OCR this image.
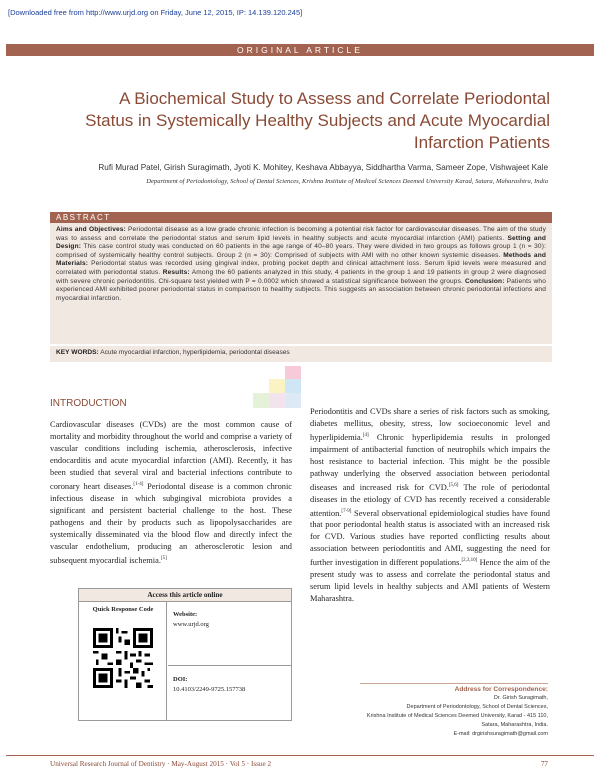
[Downloaded free from http://www.urjd.org on Friday, June 12, 2015, IP: 14.139.120.245]
ORIGINAL ARTICLE
A Biochemical Study to Assess and Correlate Periodontal
Status in Systemically Healthy Subjects and Acute Myocardial
Infarction Patients
Rufi Murad Patel, Girish Suragimath, Jyoti K. Mohitey, Keshava Abbayya, Siddhartha Varma, Sameer Zope, Vishwajeet Kale
Department of Periodontology, School of Dental Sciences, Krishna Institute of Medical Sciences Deemed University Karad, Satara, Maharashtra, India
ABSTRACT
Aims and Objectives: Periodontal disease as a low grade chronic infection is becoming a potential risk factor for cardiovascular diseases. The aim of the study was to assess and correlate the periodontal status and serum lipid levels in healthy subjects and acute myocardial infarction (AMI) patients. Setting and Design: This case control study was conducted on 60 patients in the age range of 40–80 years. They were divided in two groups as follows group 1 (n = 30): comprised of systemically healthy control subjects. Group 2 (n = 30): Comprised of subjects with AMI with no other known systemic diseases. Methods and Materials: Periodontal status was recorded using gingival index, probing pocket depth and clinical attachment loss. Serum lipid levels were measured and correlated with periodontal status. Results: Among the 60 patients analyzed in this study, 4 patients in the group 1 and 19 patients in group 2 were diagnosed with severe chronic periodontitis. Chi-square test yielded with P = 0.0002 which showed a statistical significance between the groups. Conclusion: Patients who experienced AMI exhibited poorer periodontal status in comparison to healthy subjects. This suggests an association between chronic periodontal infections and myocardial infarction.
KEY WORDS: Acute myocardial infarction, hyperlipidemia, periodontal diseases
INTRODUCTION
Cardiovascular diseases (CVDs) are the most common cause of mortality and morbidity throughout the world and comprise a variety of vascular conditions including ischemia, atherosclerosis, infective endocarditis and acute myocardial infarction (AMI). Recently, it has been studied that several viral and bacterial infections contribute to coronary heart diseases.[1-4] Periodontal disease is a common chronic infectious disease in which subgingival microbiota provides a significant and persistent bacterial challenge to the host. These pathogens and their by products such as lipopolysaccharides are systemically disseminated via the blood flow and directly infect the vascular endothelium, producing an atherosclerotic lesion and subsequent myocardial ischemia.[5]
Periodontitis and CVDs share a series of risk factors such as smoking, diabetes mellitus, obesity, stress, low socioeconomic level and hyperlipidemia.[4] Chronic hyperlipidemia results in prolonged impairment of antibacterial function of neutrophils which impairs the host resistance to bacterial infection. This might be the possible pathway underlying the observed association between periodontal diseases and increased risk for CVD.[5,6] The role of periodontal diseases in the etiology of CVD has recently received a considerable attention.[7-9] Several observational epidemiological studies have found that poor periodontal health status is associated with an increased risk for CVD. Various studies have reported conflicting results about association between periodontitis and AMI, suggesting the need for further investigation in different populations.[2,3,10] Hence the aim of the present study was to assess and correlate the periodontal status and serum lipid levels in healthy subjects and AMI patients of Western Maharashtra.
Access this article online
Quick Response Code
Website:
www.urjd.org
DOI:
10.4103/2249-9725.157738	Address for Correspondence:
Dr. Girish Suragimath,
Department of Periodontology, School of Dental Sciences,
Krishna Institute of Medical Sciences Deemed University, Karad - 415 110,
Satara, Maharashtra, India.
E-mail: drgirishsuragimath@gmail.com
Universal Research Journal of Dentistry · May-August 2015 · Vol 5 · Issue 2	77
